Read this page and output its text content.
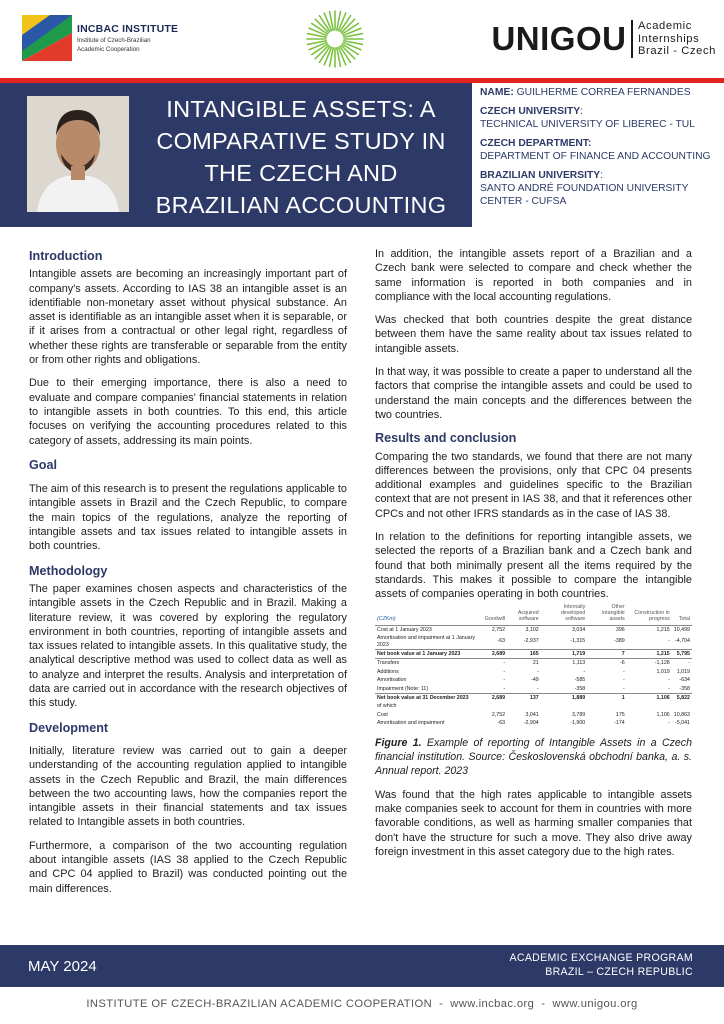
INCBAC INSTITUTE
Institute of Czech-Brazilian
Academic Cooperation	UNIGOU Academic
Internships
Brazil - Czech
INTANGIBLE ASSETS: A COMPARATIVE STUDY IN THE CZECH AND BRAZILIAN ACCOUNTING SYSTEMS
NAME: GUILHERME CORREA FERNANDES
CZECH UNIVERSITY:
TECHNICAL UNIVERSITY OF LIBEREC - TUL
CZECH DEPARTMENT:
DEPARTMENT OF FINANCE AND ACCOUNTING
BRAZILIAN UNIVERSITY:
SANTO ANDRÉ FOUNDATION UNIVERSITY CENTER - CUFSA
Introduction

Intangible assets are becoming an increasingly important part of company's assets. According to IAS 38 an intangible asset is an identifiable non-monetary asset without physical substance. An asset is identifiable as an intangible asset when it is separable, or if it arises from a contractual or other legal right, regardless of whether these rights are transferable or separable from the entity or from other rights and obligations.

Due to their emerging importance, there is also a need to evaluate and compare companies' financial statements in relation to intangible assets in both countries. To this end, this article focuses on verifying the accounting procedures related to this category of assets, addressing its main points.

Goal

The aim of this research is to present the regulations applicable to intangible assets in Brazil and the Czech Republic, to compare the main topics of the regulations, analyze the reporting of intangible assets and tax issues related to intangible assets in both countries.

Methodology

The paper examines chosen aspects and characteristics of the intangible assets in the Czech Republic and in Brazil. Making a literature review, it was covered by exploring the regulatory environment in both countries, reporting of intangible assets and tax issues related to intangible assets. In this qualitative study, the analytical descriptive method was used to collect data as well as to analyze and interpret the results. Analysis and interpretation of data are carried out in accordance with the research objectives of this study.

Development

Initially, literature review was carried out to gain a deeper understanding of the accounting regulation applied to intangible assets in the Czech Republic and Brazil, the main differences between the two accounting laws, how the companies report the intangible assets in their financial statements and tax issues related to Intangible assets in both countries.

Furthermore, a comparison of the two accounting regulation about intangible assets (IAS 38 applied to the Czech Republic and CPC 04 applied to Brazil) was conducted pointing out the main differences.

In addition, the intangible assets report of a Brazilian and a Czech bank were selected to compare and check whether the same information is reported in both companies and in compliance with the local accounting regulations.

Was checked that both countries despite the great distance between them have the same reality about tax issues related to intangible assets.

In that way, it was possible to create a paper to understand all the factors that comprise the intangible assets and could be used to understand the main concepts and the differences between the two countries.

Results and conclusion

Comparing the two standards, we found that there are not many differences between the provisions, only that CPC 04 presents additional examples and guidelines specific to the Brazilian context that are not present in IAS 38, and that it references other CPCs and not other IFRS standards as in the case of IAS 38.

In relation to the definitions for reporting intangible assets, we selected the reports of a Brazilian bank and a Czech bank and found that both minimally present all the items required by the standards. This makes it possible to compare the intangible assets of companies operating in both countries.

(CZKm)	Goodwill	Acquired software	Internally developed software	Other intangible assets	Construction in progress	Total
Cost at 1 January 2023	2,752	3,102	3,034	396	1,215	10,499
Amortisation and impairment at 1 January 2023	-63	-2,937	-1,315	-389	-	-4,704
Net book value at 1 January 2023	2,689	165	1,719	7	1,215	5,795
Transfers	-	21	1,113	-6	-1,128	-
Additions	-	-	-	-	1,019	1,019
Amortisation	-	-49	-585	-	-	-634
Impairment (Note: 11)	-	-	-358	-	-	-358
Net book value at 31 December 2023	2,689	137	1,889	1	1,106	5,822
of which						
Cost	2,752	3,041	3,789	175	1,106	10,863
Amortisation and impairment	-63	-2,904	-1,900	-174	-	-5,041
Figure 1. Example of reporting of Intangible Assets in a Czech financial institution. Source: Československá obchodní banka, a. s. Annual report. 2023

Was found that the high rates applicable to intangible assets make companies seek to account for them in countries with more favorable conditions, as well as harming smaller companies that don't have the structure for such a move. They also drive away foreign investment in this asset category due to the high rates.

MAY 2024	ACADEMIC EXCHANGE PROGRAM
BRAZIL – CZECH REPUBLIC
INSTITUTE OF CZECH-BRAZILIAN ACADEMIC COOPERATION  -  www.incbac.org  -  www.unigou.org
